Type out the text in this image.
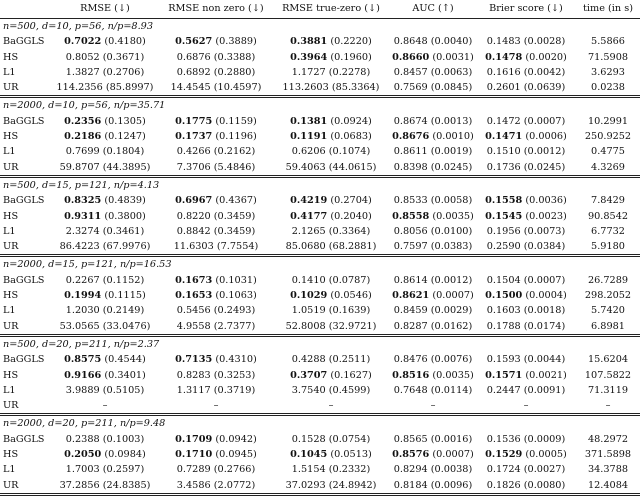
	RMSE (↓)	RMSE non zero (↓)	RMSE true-zero (↓)	AUC (↑)	Brier score (↓)	time (in s)
n=500, d=10, p=56, n/p=8.93						
BaGGLS	0.7022 (0.4180)	0.5627 (0.3889)	0.3881 (0.2220)	0.8648 (0.0040)	0.1483 (0.0028)	5.5866
HS	0.8052 (0.3671)	0.6876 (0.3388)	0.3964 (0.1960)	0.8660 (0.0031)	0.1478 (0.0020)	71.5908
L1	1.3827 (0.2706)	0.6892 (0.2880)	1.1727 (0.2278)	0.8457 (0.0063)	0.1616 (0.0042)	3.6293
UR	114.2356 (85.8997)	14.4545 (10.4597)	113.2603 (85.3364)	0.7569 (0.0845)	0.2601 (0.0639)	0.0238
n=2000, d=10, p=56, n/p=35.71						
BaGGLS	0.2356 (0.1305)	0.1775 (0.1159)	0.1381 (0.0924)	0.8674 (0.0013)	0.1472 (0.0007)	10.2991
HS	0.2186 (0.1247)	0.1737 (0.1196)	0.1191 (0.0683)	0.8676 (0.0010)	0.1471 (0.0006)	250.9252
L1	0.7699 (0.1804)	0.4266 (0.2162)	0.6206 (0.1074)	0.8611 (0.0019)	0.1510 (0.0012)	0.4775
UR	59.8707 (44.3895)	7.3706 (5.4846)	59.4063 (44.0615)	0.8398 (0.0245)	0.1736 (0.0245)	4.3269
n=500, d=15, p=121, n/p=4.13						
BaGGLS	0.8325 (0.4839)	0.6967 (0.4367)	0.4219 (0.2704)	0.8533 (0.0058)	0.1558 (0.0036)	7.8429
HS	0.9311 (0.3800)	0.8220 (0.3459)	0.4177 (0.2040)	0.8558 (0.0035)	0.1545 (0.0023)	90.8542
L1	2.3274 (0.3461)	0.8842 (0.3459)	2.1265 (0.3364)	0.8056 (0.0100)	0.1956 (0.0073)	6.7732
UR	86.4223 (67.9976)	11.6303 (7.7554)	85.0680 (68.2881)	0.7597 (0.0383)	0.2590 (0.0384)	5.9180
n=2000, d=15, p=121, n/p=16.53						
BaGGLS	0.2267 (0.1152)	0.1673 (0.1031)	0.1410 (0.0787)	0.8614 (0.0012)	0.1504 (0.0007)	26.7289
HS	0.1994 (0.1115)	0.1653 (0.1063)	0.1029 (0.0546)	0.8621 (0.0007)	0.1500 (0.0004)	298.2052
L1	1.2030 (0.2149)	0.5456 (0.2493)	1.0519 (0.1639)	0.8459 (0.0029)	0.1603 (0.0018)	5.7420
UR	53.0565 (33.0476)	4.9558 (2.7377)	52.8008 (32.9721)	0.8287 (0.0162)	0.1788 (0.0174)	6.8981
n=500, d=20, p=211, n/p=2.37						
BaGGLS	0.8575 (0.4544)	0.7135 (0.4310)	0.4288 (0.2511)	0.8476 (0.0076)	0.1593 (0.0044)	15.6204
HS	0.9166 (0.3401)	0.8283 (0.3253)	0.3707 (0.1627)	0.8516 (0.0035)	0.1571 (0.0021)	107.5822
L1	3.9889 (0.5105)	1.3117 (0.3719)	3.7540 (0.4599)	0.7648 (0.0114)	0.2447 (0.0091)	71.3119
UR	–	–	–	–	–	–
n=2000, d=20, p=211, n/p=9.48						
BaGGLS	0.2388 (0.1003)	0.1709 (0.0942)	0.1528 (0.0754)	0.8565 (0.0016)	0.1536 (0.0009)	48.2972
HS	0.2050 (0.0984)	0.1710 (0.0945)	0.1045 (0.0513)	0.8576 (0.0007)	0.1529 (0.0005)	371.5898
L1	1.7003 (0.2597)	0.7289 (0.2766)	1.5154 (0.2332)	0.8294 (0.0038)	0.1724 (0.0027)	34.3788
UR	37.2856 (24.8385)	3.4586 (2.0772)	37.0293 (24.8942)	0.8184 (0.0096)	0.1826 (0.0080)	12.4084
